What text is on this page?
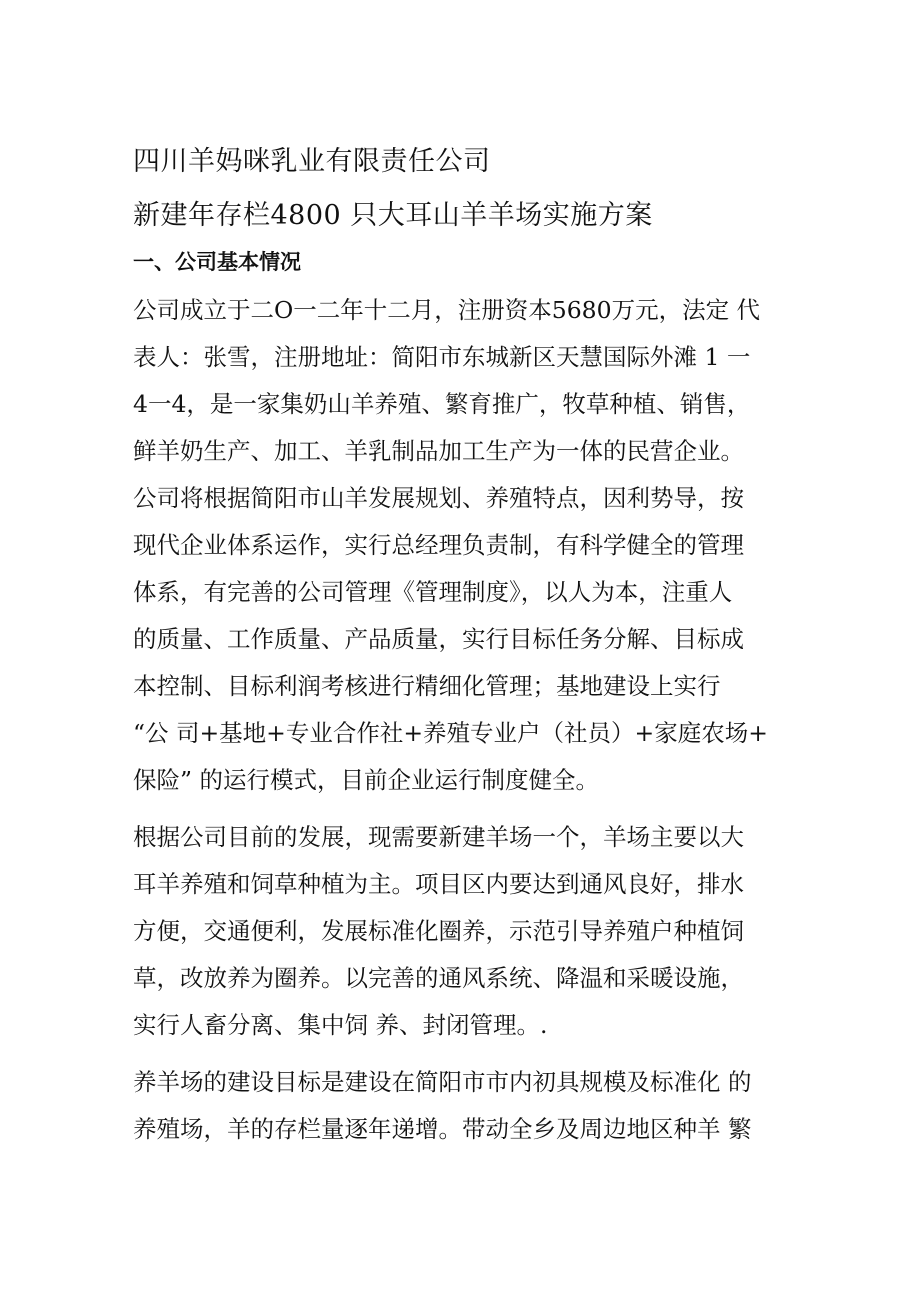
四川羊妈咪乳业有限责任公司
新建年存栏4800 只大耳山羊羊场实施方案
一、公司基本情况
公司成立于二O一二年十二月，注册资本5680万元，法定 代
表人：张雪，注册地址：简阳市东城新区天慧国际外滩 1 一
4一4，是一家集奶山羊养殖、繁育推广，牧草种植、销售，
鲜羊奶生产、加工、羊乳制品加工生产为一体的民营企业。
公司将根据简阳市山羊发展规划、养殖特点，因利势导，按
现代企业体系运作，实行总经理负责制，有科学健全的管理
体系，有完善的公司管理《管理制度》，以人为本，注重人
的质量、工作质量、产品质量，实行目标任务分解、目标成
本控制、目标利润考核进行精细化管理；基地建设上实行
“公 司+基地+专业合作社+养殖专业户（社员）+家庭农场+
保险” 的运行模式，目前企业运行制度健全。
根据公司目前的发展，现需要新建羊场一个，羊场主要以大
耳羊养殖和饲草种植为主。项目区内要达到通风良好，排水
方便，交通便利，发展标准化圈养，示范引导养殖户种植饲
草，改放养为圈养。以完善的通风系统、降温和采暖设施，
实行人畜分离、集中饲 养、封闭管理。.
养羊场的建设目标是建设在简阳市市内初具规模及标准化 的
养殖场，羊的存栏量逐年递增。带动全乡及周边地区种羊 繁
